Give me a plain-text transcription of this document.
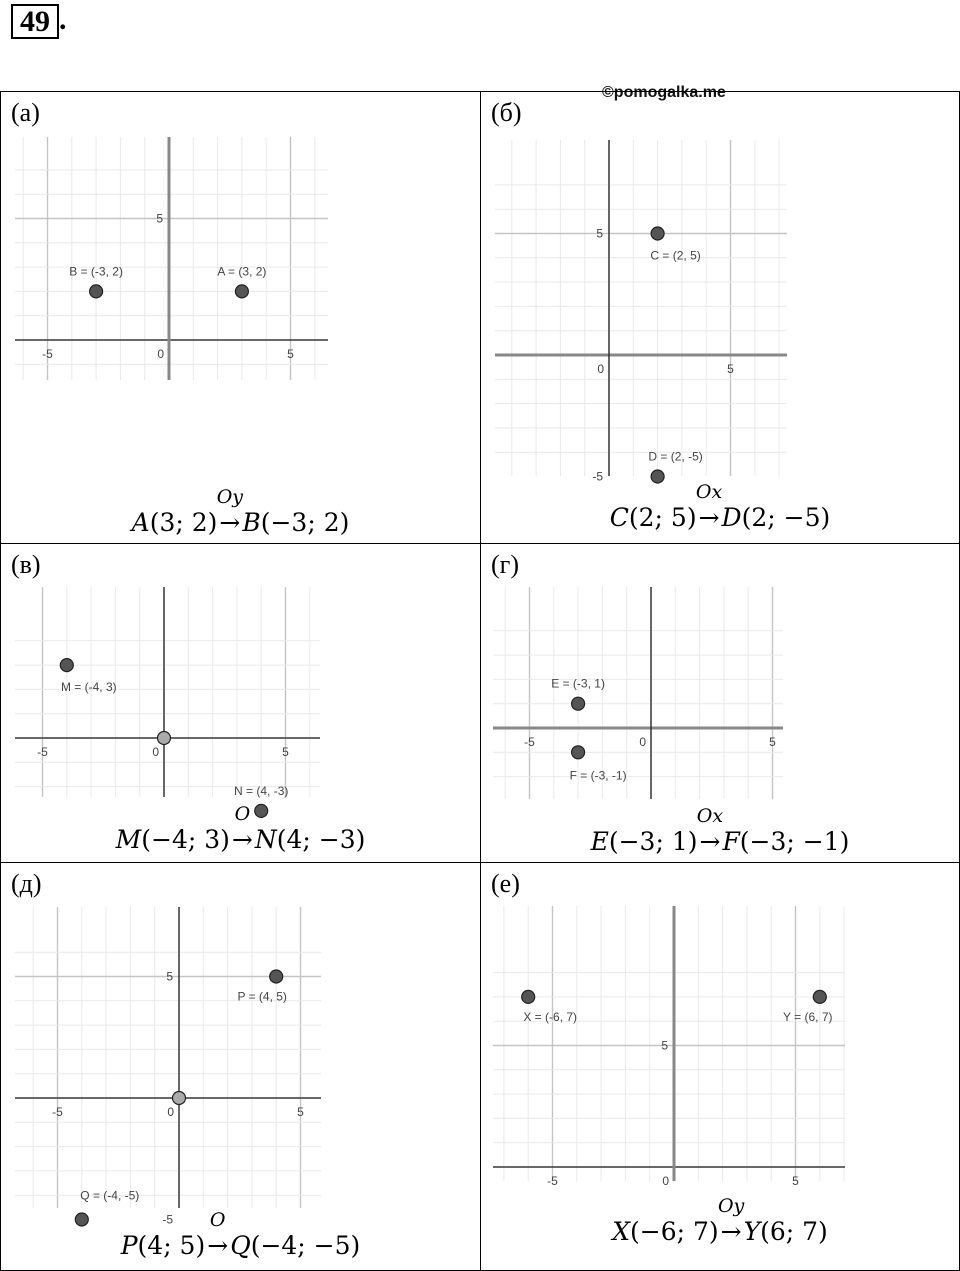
49 .
©pomogalka.me
(а)
-5	0	5
5
B = (-3, 2)	A = (3, 2)
A(3; 2)→
Oy
B(−3; 2)
(б)
0	5
5
-5
C = (2, 5)
D = (2, -5)
C(2; 5)→
Ox
D(2; −5)
(в)
-5	0	5
M = (-4, 3)
N = (4, -3)
M(−4; 3)→
O
N(4; −3)
(г)
-5	0	5
E = (-3, 1)
F = (-3, -1)
E(−3; 1)→
Ox
F(−3; −1)
(д)
-5	0	5
5
-5
P = (4, 5)
Q = (-4, -5)
P(4; 5)→
O
Q(−4; −5)
(е)
-5	0	5
5
X = (-6, 7)	Y = (6, 7)
X(−6; 7)→
Oy
Y(6; 7)
